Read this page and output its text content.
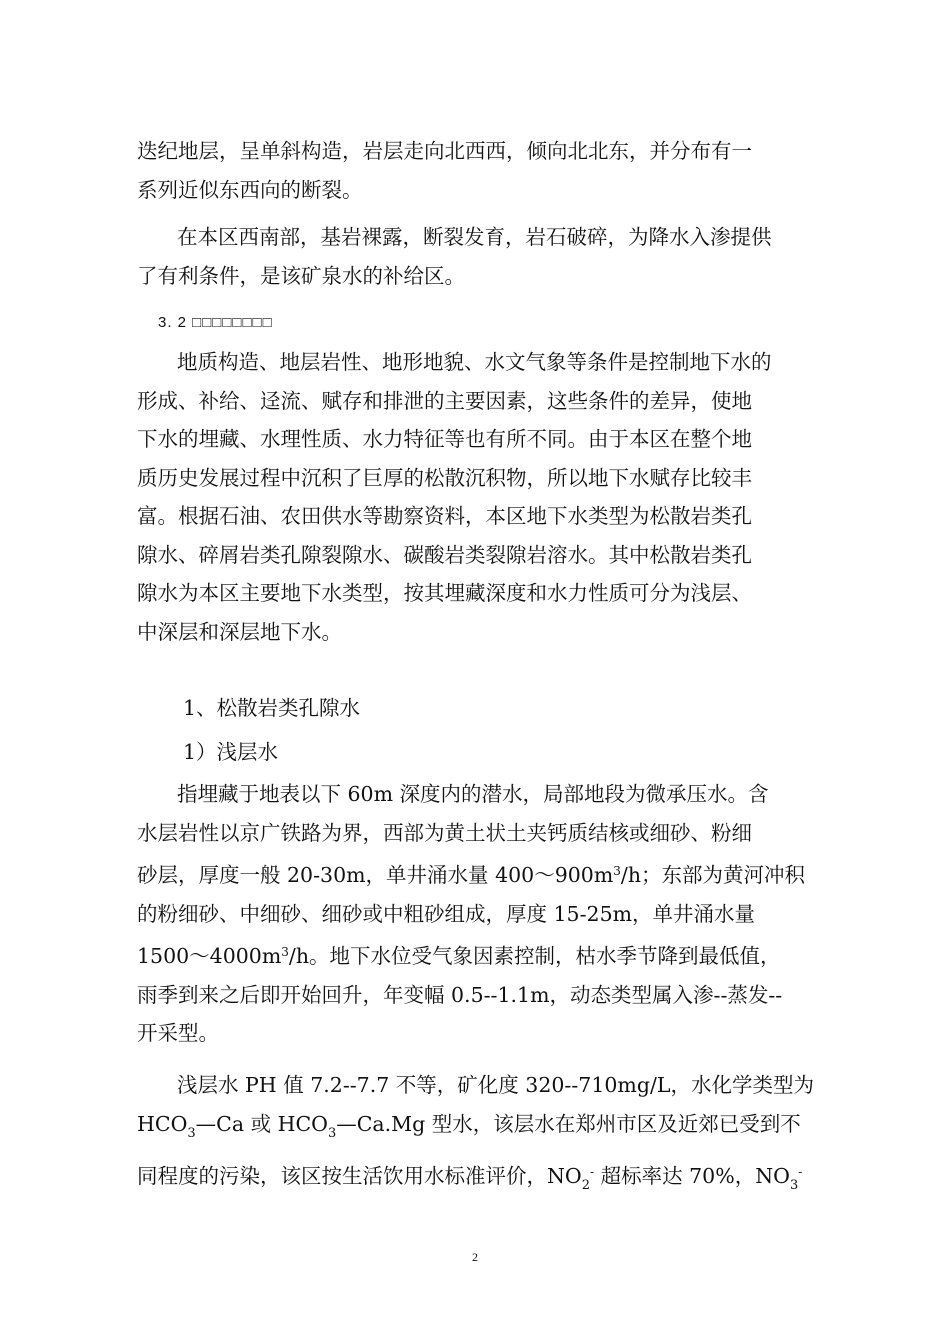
迭纪地层，呈单斜构造，岩层走向北西西，倾向北北东，并分布有一
系列近似东西向的断裂。
在本区西南部，基岩裸露，断裂发育，岩石破碎，为降水入渗提供
了有利条件，是该矿泉水的补给区。
3. 2 □□□□□□□□
地质构造、地层岩性、地形地貌、水文气象等条件是控制地下水的
形成、补给、迳流、赋存和排泄的主要因素，这些条件的差异，使地
下水的埋藏、水理性质、水力特征等也有所不同。由于本区在整个地
质历史发展过程中沉积了巨厚的松散沉积物，所以地下水赋存比较丰
富。根据石油、农田供水等勘察资料，本区地下水类型为松散岩类孔
隙水、碎屑岩类孔隙裂隙水、碳酸岩类裂隙岩溶水。其中松散岩类孔
隙水为本区主要地下水类型，按其埋藏深度和水力性质可分为浅层、
中深层和深层地下水。
1、松散岩类孔隙水
1）浅层水
指埋藏于地表以下 60m 深度内的潜水，局部地段为微承压水。含
水层岩性以京广铁路为界，西部为黄土状土夹钙质结核或细砂、粉细
砂层，厚度一般 20-30m，单井涌水量 $400\sim 900m^3/h$；东部为黄河冲积
的粉细砂、中细砂、细砂或中粗砂组成，厚度 15-25m，单井涌水量
$1500\sim 4000m^3/h$。地下水位受气象因素控制，枯水季节降到最低值，
雨季到来之后即开始回升，年变幅 0.5--1.1m，动态类型属入渗--蒸发--
开采型。
浅层水 PH 值 7.2--7.7 不等，矿化度 320--710mg/L，水化学类型为
$HCO_3—Ca$ 或 $HCO_3—Ca.Mg$ 型水，该层水在郑州市区及近郊已受到不
同程度的污染，该区按生活饮用水标准评价，$NO_2^-$ 超标率达 70%，$NO_3^-$
2
